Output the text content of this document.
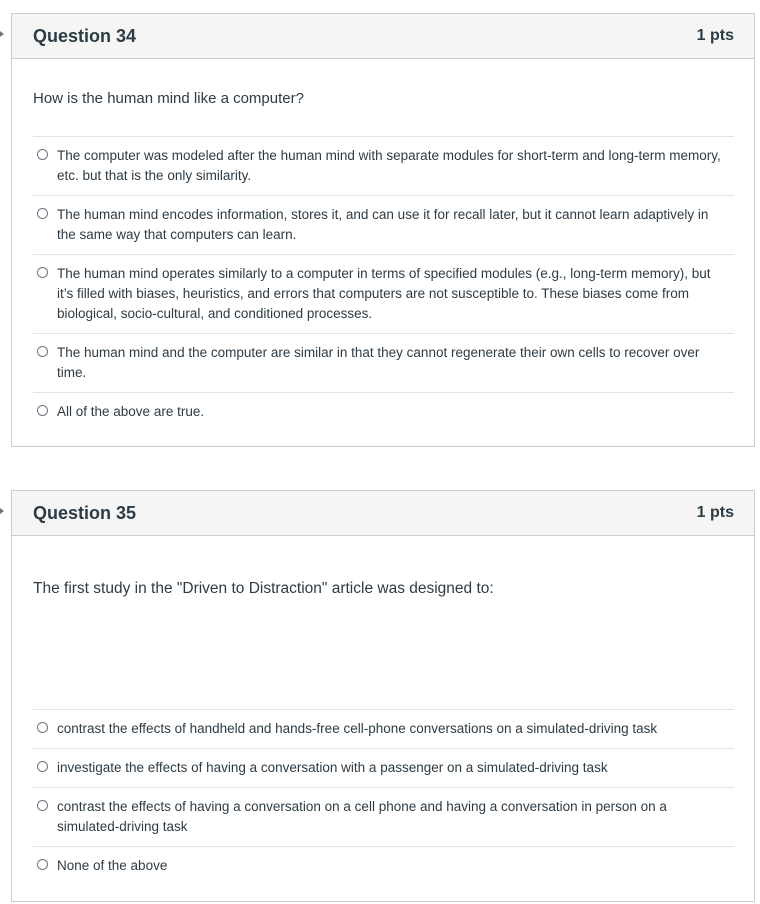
Question 34	1 pts
How is the human mind like a computer?
The computer was modeled after the human mind with separate modules for short-term and long-term memory, etc. but that is the only similarity.
The human mind encodes information, stores it, and can use it for recall later, but it cannot learn adaptively in the same way that computers can learn.
The human mind operates similarly to a computer in terms of specified modules (e.g., long-term memory), but it’s filled with biases, heuristics, and errors that computers are not susceptible to. These biases come from biological, socio-cultural, and conditioned processes.
The human mind and the computer are similar in that they cannot regenerate their own cells to recover over time.
All of the above are true.
Question 35	1 pts
The first study in the "Driven to Distraction" article was designed to:
contrast the effects of handheld and hands-free cell-phone conversations on a simulated-driving task
investigate the effects of having a conversation with a passenger on a simulated-driving task
contrast the effects of having a conversation on a cell phone and having a conversation in person on a simulated-driving task
None of the above
